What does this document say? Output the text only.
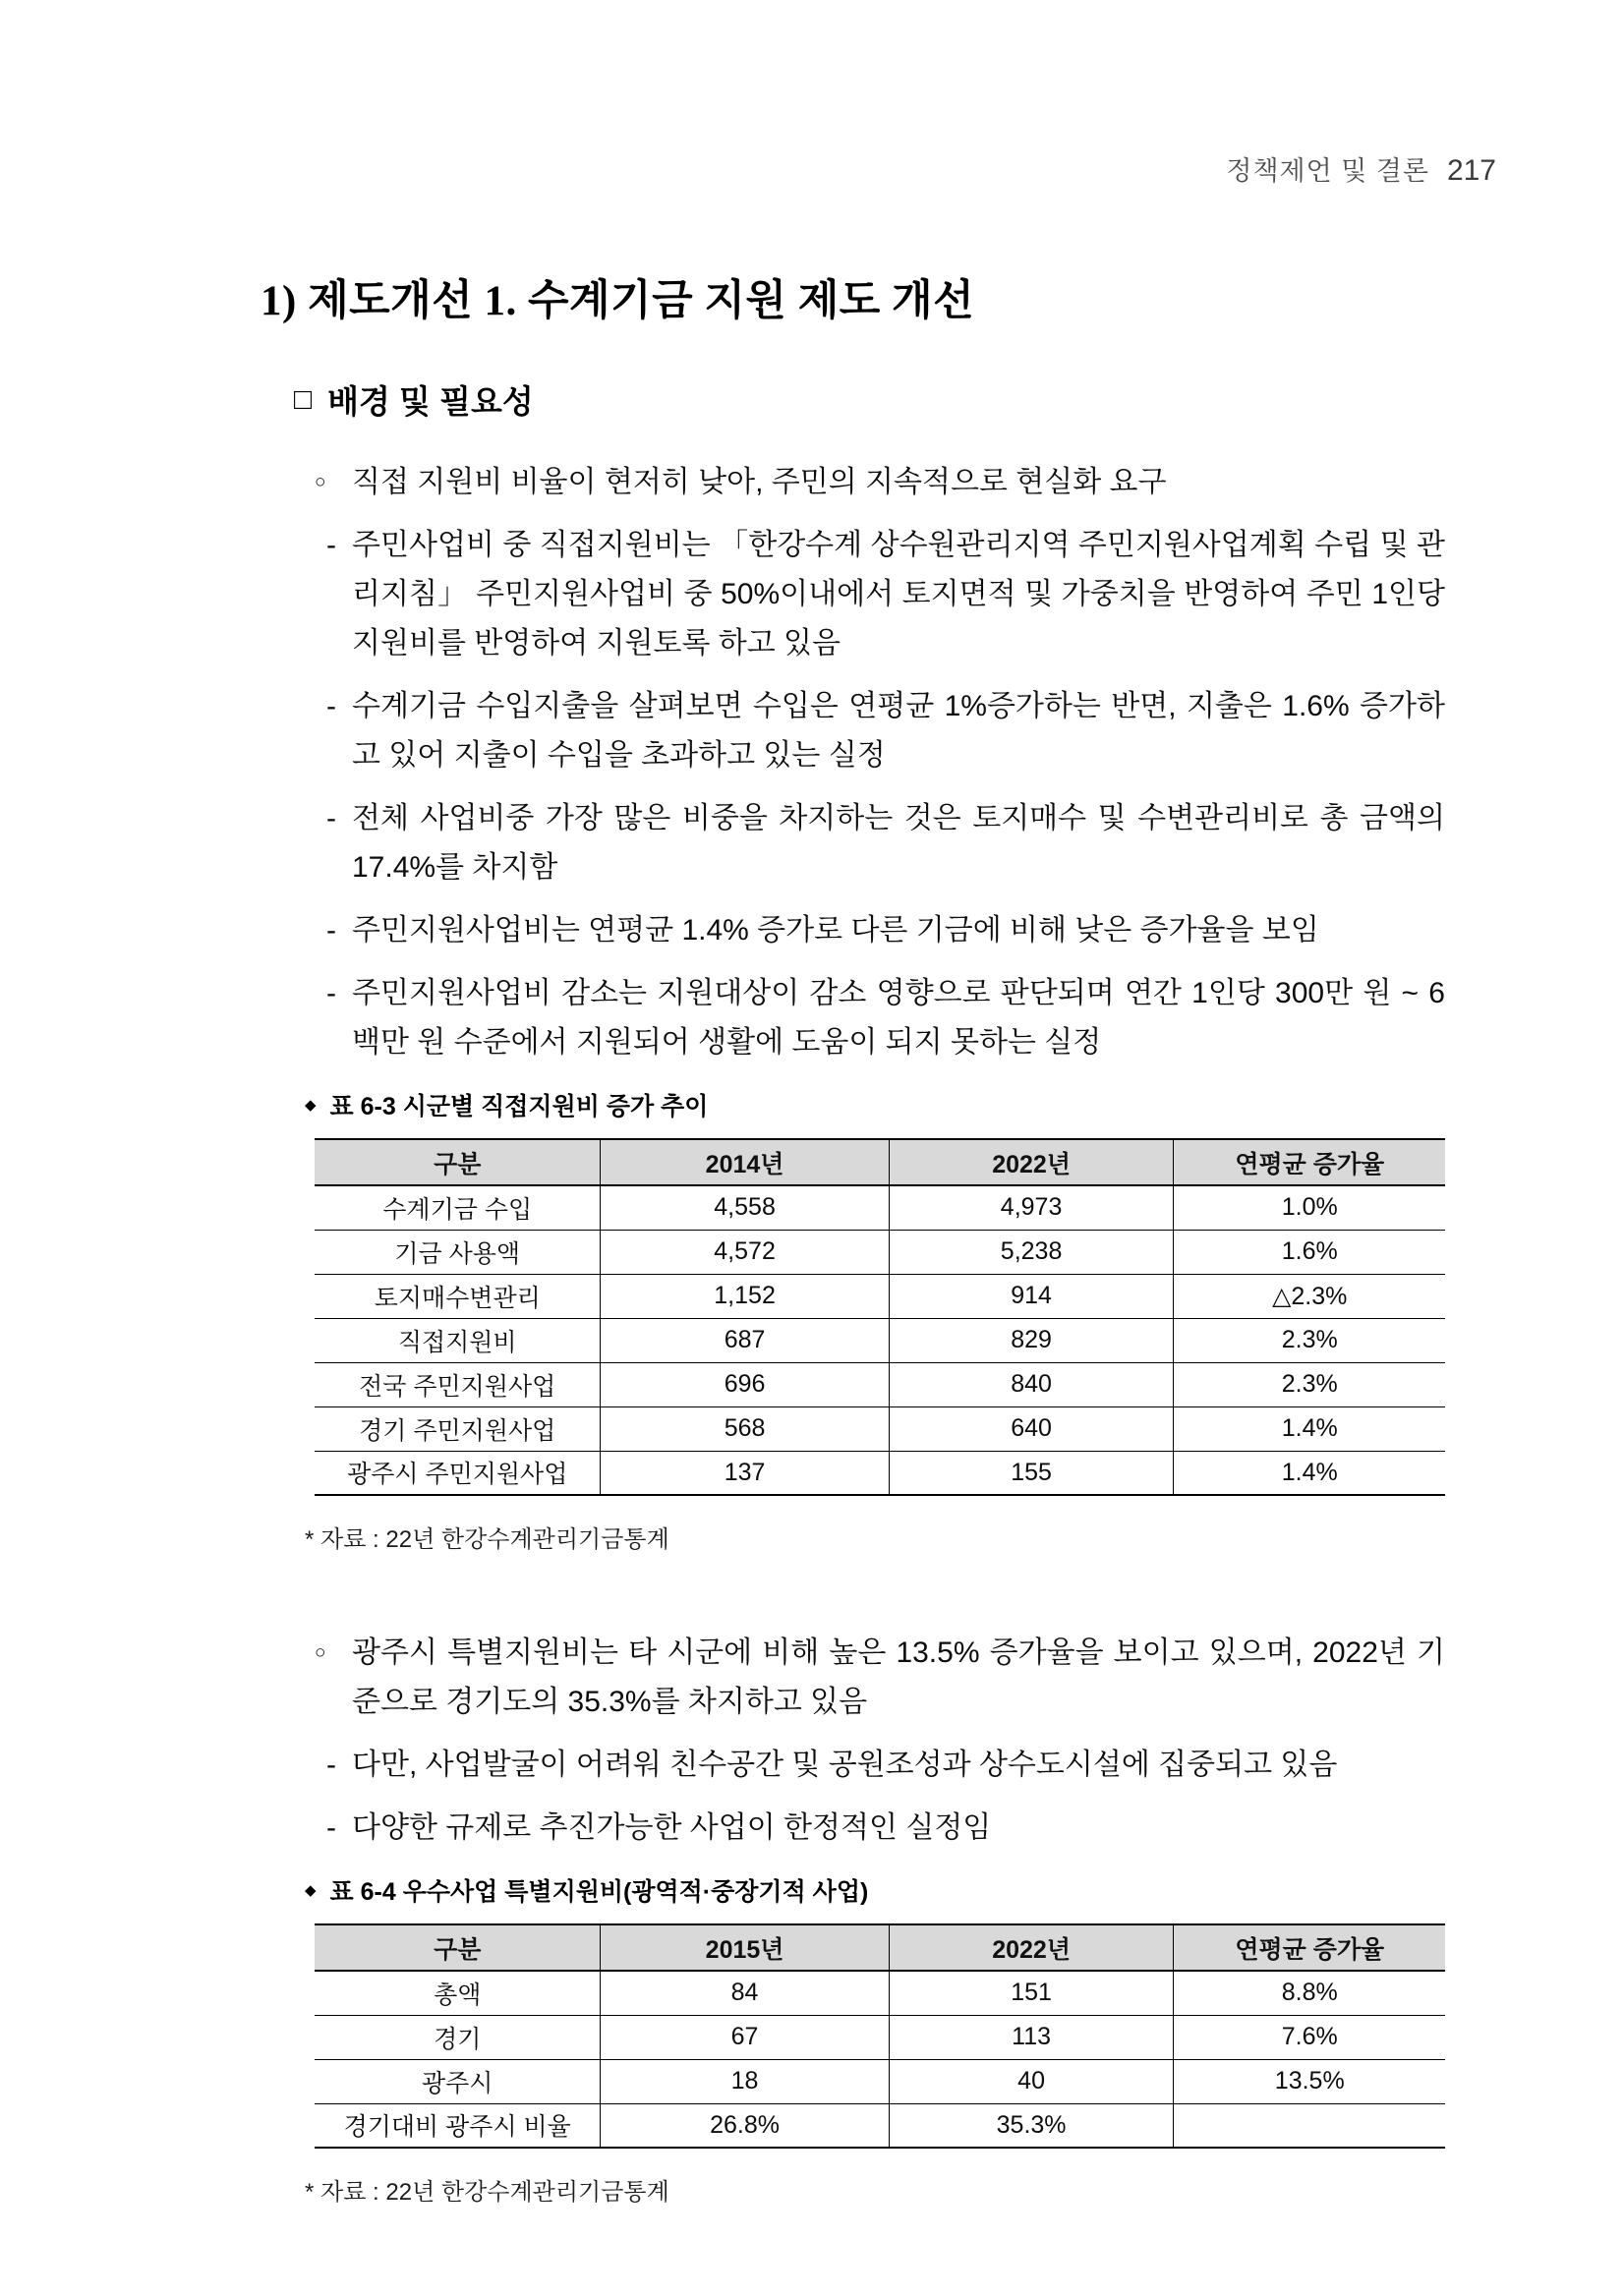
정책제언 및 결론 217
1) 제도개선 1. 수계기금 지원 제도 개선
□ 배경 및 필요성
○ 직접 지원비 비율이 현저히 낮아, 주민의 지속적으로 현실화 요구
- 주민사업비 중 직접지원비는 「한강수계 상수원관리지역 주민지원사업계획 수립 및 관리지침」 주민지원사업비 중 50%이내에서 토지면적 및 가중치을 반영하여 주민 1인당 지원비를 반영하여 지원토록 하고 있음
- 수계기금 수입지출을 살펴보면 수입은 연평균 1%증가하는 반면, 지출은 1.6% 증가하고 있어 지출이 수입을 초과하고 있는 실정
- 전체 사업비중 가장 많은 비중을 차지하는 것은 토지매수 및 수변관리비로 총 금액의 17.4%를 차지함
- 주민지원사업비는 연평균 1.4% 증가로 다른 기금에 비해 낮은 증가율을 보임
- 주민지원사업비 감소는 지원대상이 감소 영향으로 판단되며 연간 1인당 300만 원 ~ 6백만 원 수준에서 지원되어 생활에 도움이 되지 못하는 실정
◆ 표 6-3 시군별 직접지원비 증가 추이
구분	2014년	2022년	연평균 증가율
수계기금 수입	4,558	4,973	1.0%
기금 사용액	4,572	5,238	1.6%
토지매수변관리	1,152	914	△2.3%
직접지원비	687	829	2.3%
전국 주민지원사업	696	840	2.3%
경기 주민지원사업	568	640	1.4%
광주시 주민지원사업	137	155	1.4%
* 자료 : 22년 한강수계관리기금통계
○ 광주시 특별지원비는 타 시군에 비해 높은 13.5% 증가율을 보이고 있으며, 2022년 기준으로 경기도의 35.3%를 차지하고 있음
- 다만, 사업발굴이 어려워 친수공간 및 공원조성과 상수도시설에 집중되고 있음
- 다양한 규제로 추진가능한 사업이 한정적인 실정임
◆ 표 6-4 우수사업 특별지원비(광역적·중장기적 사업)
구분	2015년	2022년	연평균 증가율
총액	84	151	8.8%
경기	67	113	7.6%
광주시	18	40	13.5%
경기대비 광주시 비율	26.8%	35.3%	
* 자료 : 22년 한강수계관리기금통계
